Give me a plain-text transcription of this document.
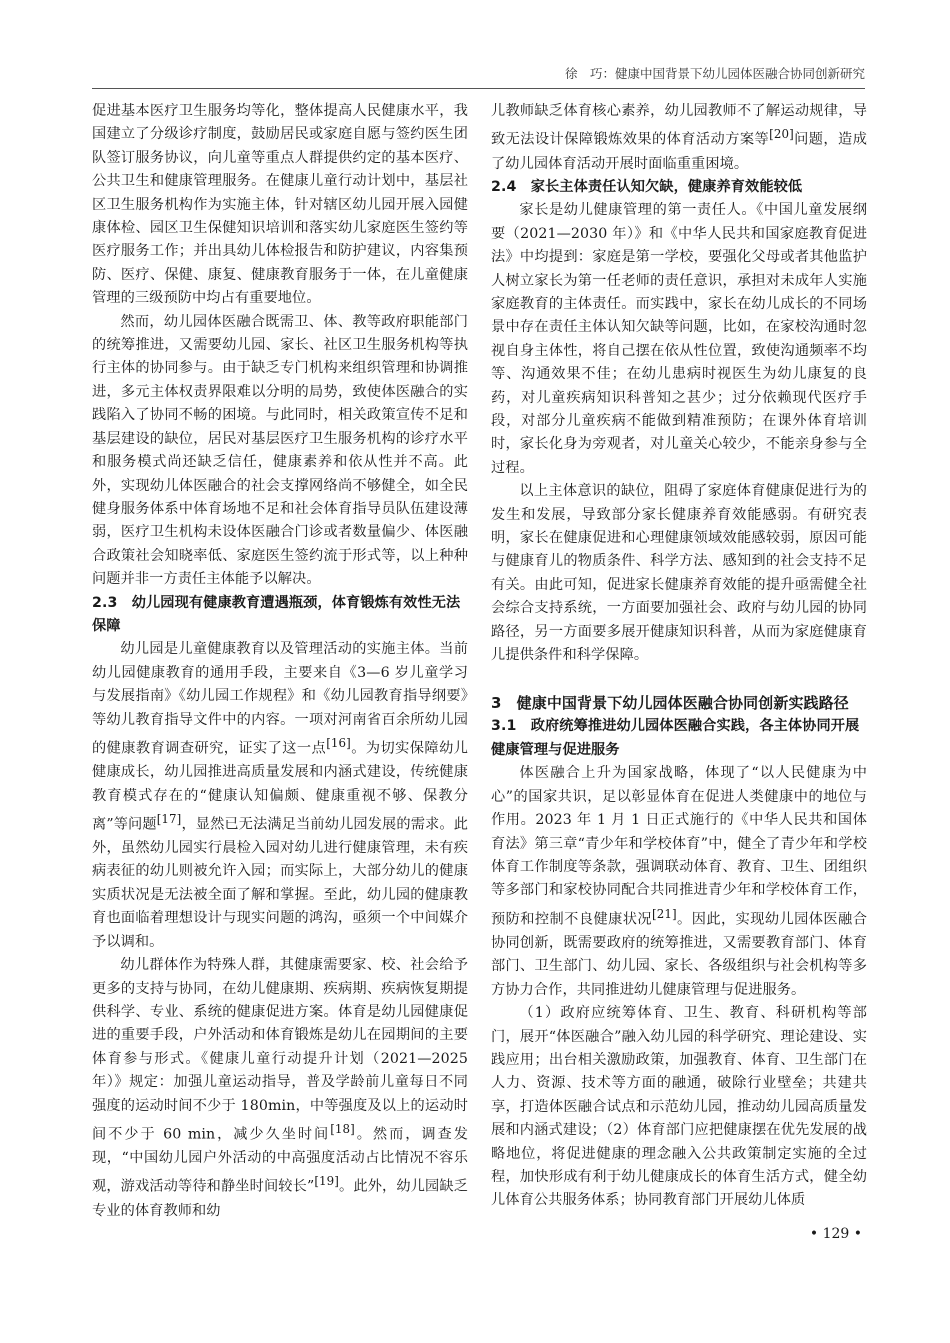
徐　巧：健康中国背景下幼儿园体医融合协同创新研究

促进基本医疗卫生服务均等化，整体提高人民健康水平，我国建立了分级诊疗制度，鼓励居民或家庭自愿与签约医生团队签订服务协议，向儿童等重点人群提供约定的基本医疗、公共卫生和健康管理服务。在健康儿童行动计划中，基层社区卫生服务机构作为实施主体，针对辖区幼儿园开展入园健康体检、园区卫生保健知识培训和落实幼儿家庭医生签约等医疗服务工作；并出具幼儿体检报告和防护建议，内容集预防、医疗、保健、康复、健康教育服务于一体，在儿童健康管理的三级预防中均占有重要地位。

然而，幼儿园体医融合既需卫、体、教等政府职能部门的统筹推进，又需要幼儿园、家长、社区卫生服务机构等执行主体的协同参与。由于缺乏专门机构来组织管理和协调推进，多元主体权责界限难以分明的局势，致使体医融合的实践陷入了协同不畅的困境。与此同时，相关政策宣传不足和基层建设的缺位，居民对基层医疗卫生服务机构的诊疗水平和服务模式尚还缺乏信任，健康素养和依从性并不高。此外，实现幼儿体医融合的社会支撑网络尚不够健全，如全民健身服务体系中体育场地不足和社会体育指导员队伍建设薄弱，医疗卫生机构未设体医融合门诊或者数量偏少、体医融合政策社会知晓率低、家庭医生签约流于形式等，以上种种问题并非一方责任主体能予以解决。

2.3　幼儿园现有健康教育遭遇瓶颈，体育锻炼有效性无法保障

幼儿园是儿童健康教育以及管理活动的实施主体。当前幼儿园健康教育的通用手段，主要来自《3—6 岁儿童学习与发展指南》《幼儿园工作规程》和《幼儿园教育指导纲要》等幼儿教育指导文件中的内容。一项对河南省百余所幼儿园的健康教育调查研究，证实了这一点[16]。为切实保障幼儿健康成长，幼儿园推进高质量发展和内涵式建设，传统健康教育模式存在的“健康认知偏颇、健康重视不够、保教分离”等问题[17]，显然已无法满足当前幼儿园发展的需求。此外，虽然幼儿园实行晨检入园对幼儿进行健康管理，未有疾病表征的幼儿则被允许入园；而实际上，大部分幼儿的健康实质状况是无法被全面了解和掌握。至此，幼儿园的健康教育也面临着理想设计与现实问题的鸿沟，亟须一个中间媒介予以调和。

幼儿群体作为特殊人群，其健康需要家、校、社会给予更多的支持与协同，在幼儿健康期、疾病期、疾病恢复期提供科学、专业、系统的健康促进方案。体育是幼儿园健康促进的重要手段，户外活动和体育锻炼是幼儿在园期间的主要体育参与形式。《健康儿童行动提升计划（2021—2025 年）》规定：加强儿童运动指导，普及学龄前儿童每日不同强度的运动时间不少于 180min，中等强度及以上的运动时间不少于 60 min，减少久坐时间[18]。然而，调查发现，“中国幼儿园户外活动的中高强度活动占比情况不容乐观，游戏活动等待和静坐时间较长”[19]。此外，幼儿园缺乏专业的体育教师和幼

儿教师缺乏体育核心素养，幼儿园教师不了解运动规律，导致无法设计保障锻炼效果的体育活动方案等[20]问题，造成了幼儿园体育活动开展时面临重重困境。

2.4　家长主体责任认知欠缺，健康养育效能较低

家长是幼儿健康管理的第一责任人。《中国儿童发展纲要（2021—2030 年）》和《中华人民共和国家庭教育促进法》中均提到：家庭是第一学校，要强化父母或者其他监护人树立家长为第一任老师的责任意识，承担对未成年人实施家庭教育的主体责任。而实践中，家长在幼儿成长的不同场景中存在责任主体认知欠缺等问题，比如，在家校沟通时忽视自身主体性，将自己摆在依从性位置，致使沟通频率不均等、沟通效果不佳；在幼儿患病时视医生为幼儿康复的良药，对儿童疾病知识科普知之甚少；过分依赖现代医疗手段，对部分儿童疾病不能做到精准预防；在课外体育培训时，家长化身为旁观者，对儿童关心较少，不能亲身参与全过程。

以上主体意识的缺位，阻碍了家庭体育健康促进行为的发生和发展，导致部分家长健康养育效能感弱。有研究表明，家长在健康促进和心理健康领域效能感较弱，原因可能与健康育儿的物质条件、科学方法、感知到的社会支持不足有关。由此可知，促进家长健康养育效能的提升亟需健全社会综合支持系统，一方面要加强社会、政府与幼儿园的协同路径，另一方面要多展开健康知识科普，从而为家庭健康育儿提供条件和科学保障。

3　健康中国背景下幼儿园体医融合协同创新实践路径
3.1　政府统筹推进幼儿园体医融合实践，各主体协同开展健康管理与促进服务

体医融合上升为国家战略，体现了“以人民健康为中心”的国家共识，足以彰显体育在促进人类健康中的地位与作用。2023 年 1 月 1 日正式施行的《中华人民共和国体育法》第三章“青少年和学校体育”中，健全了青少年和学校体育工作制度等条款，强调联动体育、教育、卫生、团组织等多部门和家校协同配合共同推进青少年和学校体育工作，预防和控制不良健康状况[21]。因此，实现幼儿园体医融合协同创新，既需要政府的统筹推进，又需要教育部门、体育部门、卫生部门、幼儿园、家长、各级组织与社会机构等多方协力合作，共同推进幼儿健康管理与促进服务。

（1）政府应统筹体育、卫生、教育、科研机构等部门，展开“体医融合”融入幼儿园的科学研究、理论建设、实践应用；出台相关激励政策，加强教育、体育、卫生部门在人力、资源、技术等方面的融通，破除行业壁垒；共建共享，打造体医融合试点和示范幼儿园，推动幼儿园高质量发展和内涵式建设；（2）体育部门应把健康摆在优先发展的战略地位，将促进健康的理念融入公共政策制定实施的全过程，加快形成有利于幼儿健康成长的体育生活方式，健全幼儿体育公共服务体系；协同教育部门开展幼儿体质

• 129 •
